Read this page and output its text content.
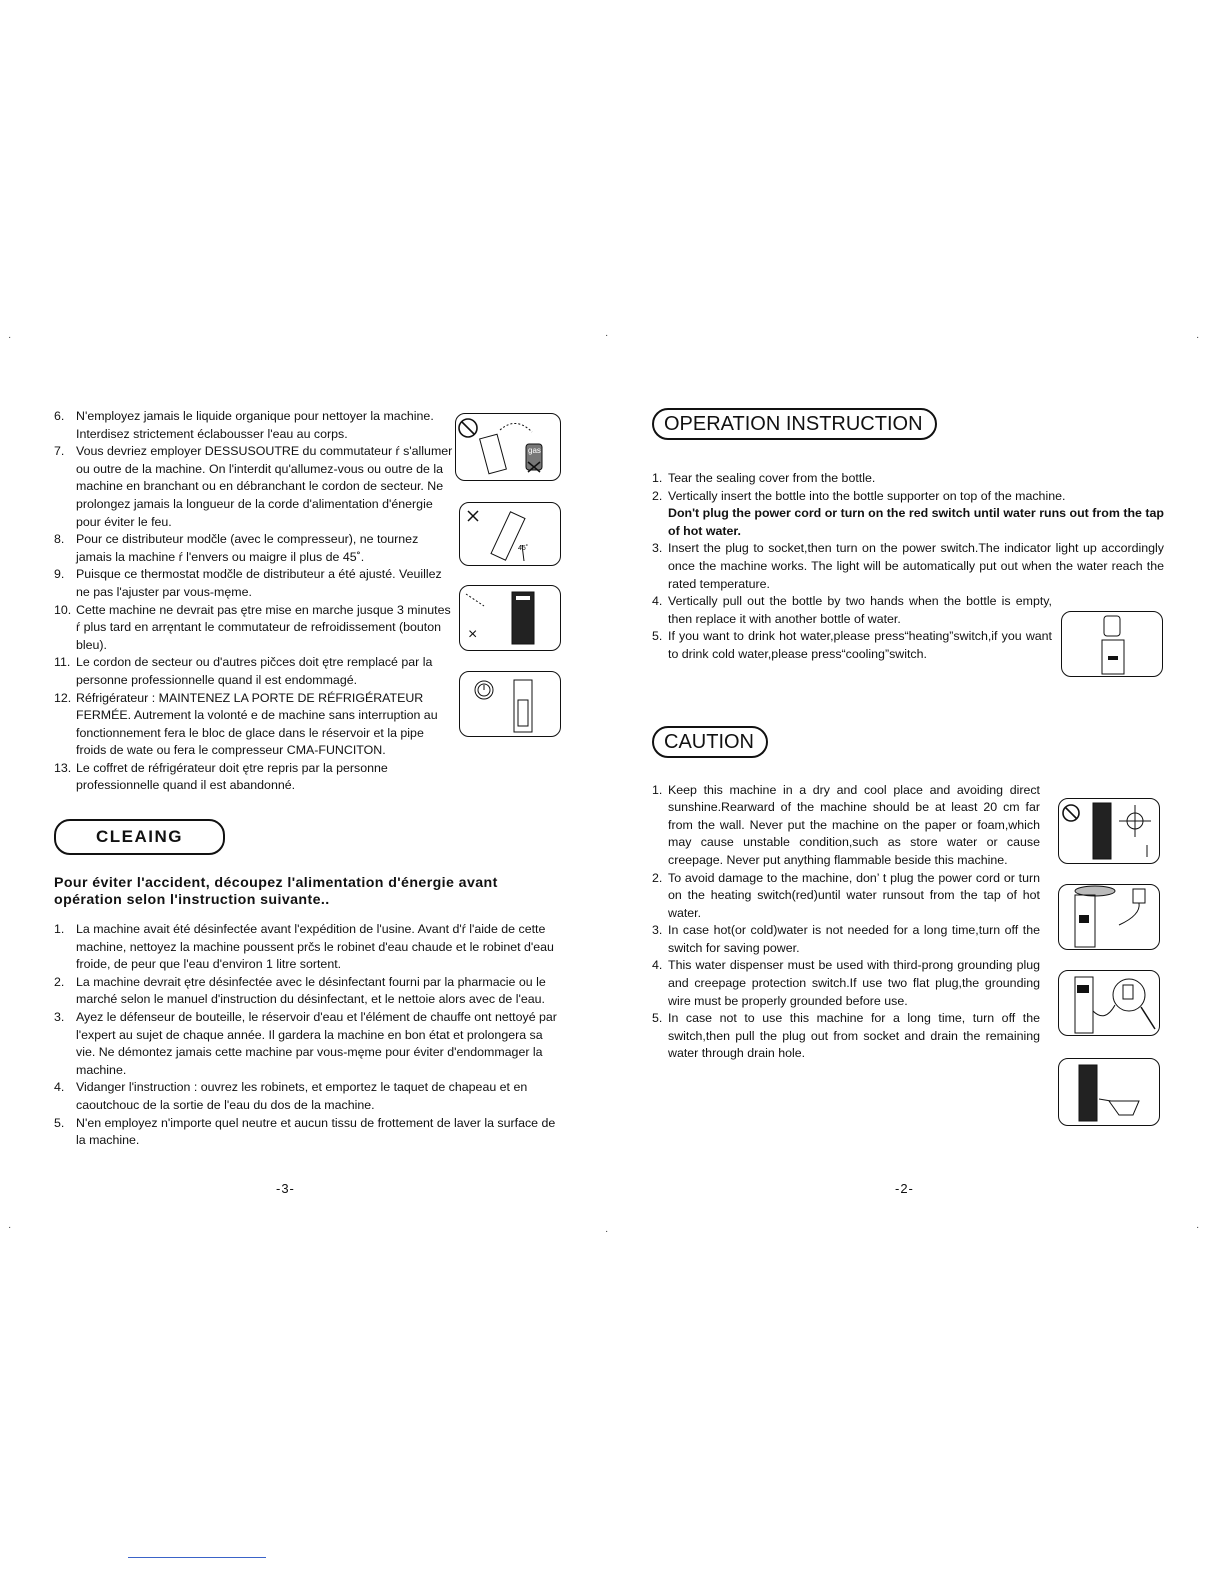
·	·	·
·	·	·
6. N'employez jamais le liquide organique pour nettoyer la machine. Interdisez strictement éclabousser l'eau au corps.
7. Vous devriez employer DESSUSOUTRE du commutateur ŕ s'allumer ou outre de la machine. On l'interdit qu'allumez-vous ou outre de la machine en branchant ou en débranchant le cordon de secteur. Ne prolongez jamais la longueur de la corde d'alimentation d'énergie pour éviter le feu.
8. Pour ce distributeur modčle (avec le compresseur), ne tournez jamais la machine ŕ l'envers ou maigre il plus de 45˚.
9. Puisque ce thermostat modčle de distributeur a été ajusté. Veuillez ne pas l'ajuster par vous-męme.
10. Cette machine ne devrait pas ętre mise en marche jusque 3 minutes ŕ plus tard en arręntant le commutateur de refroidissement (bouton bleu).
11. Le cordon de secteur ou d'autres pičces doit ętre remplacé par la personne professionnelle quand il est endommagé.
12. Réfrigérateur : MAINTENEZ LA PORTE DE RÉFRIGÉRATEUR FERMÉE. Autrement la volonté e de machine sans interruption au fonctionnement fera le bloc de glace dans le réservoir et la pipe froids de wate ou fera le compresseur CMA-FUNCITON.
13. Le coffret de réfrigérateur doit ętre repris par la personne professionnelle quand il est abandonné.
CLEAING
Pour éviter l'accident, découpez l'alimentation d'énergie avant opération selon l'instruction suivante..
1. La machine avait été désinfectée avant l'expédition de l'usine. Avant d'ŕ l'aide de cette machine, nettoyez la machine poussent prčs le robinet d'eau chaude et le robinet d'eau froide, de peur que l'eau d'environ 1 litre sortent.
2. La machine devrait ętre désinfectée avec le désinfectant fourni par la pharmacie ou le marché selon le manuel d'instruction du désinfectant, et le nettoie alors avec de l'eau.
3. Ayez le défenseur de bouteille, le réservoir d'eau et l'élément de chauffe ont nettoyé par l'expert au sujet de chaque année. Il gardera la machine en bon état et prolongera sa vie. Ne démontez jamais cette machine par vous-męme pour éviter d'endommager la machine.
4. Vidanger l'instruction : ouvrez les robinets, et emportez le taquet de chapeau et en caoutchouc de la sortie de l'eau du dos de la machine.
5. N'en employez n'importe quel neutre et aucun tissu de frottement de laver la surface de la machine.
gas
45˚
×
-3-
OPERATION INSTRUCTION
1. Tear the sealing cover from the bottle.
2. Vertically insert the bottle into the bottle supporter on top of the machine.
Don't plug the power cord or turn on the red switch until water runs out from the tap of hot water.
3. Insert the plug to socket,then turn on the power switch.The indicator light up accordingly once the machine works. The light will be automatically put out when the water reach the rated temperature.
4. Vertically pull out the bottle by two hands when the bottle is empty, then replace it with another bottle of water.
5. If you want to drink hot water,please press“heating”switch,if you want to drink cold water,please press“cooling”switch.
CAUTION
1. Keep this machine in a dry and cool place and avoiding direct sunshine.Rearward of the machine should be at least 20 cm far from the wall. Never put the machine on the paper or foam,which may cause unstable condition,such as store water or cause creepage. Never put anything flammable beside this machine.
2. To avoid damage to the machine, don’ t plug the power cord or turn on the heating switch(red)until water runsout from the tap of hot water.
3. In case hot(or cold)water is not needed for a long time,turn off the switch for saving power.
4. This water dispenser must be used with third-prong grounding plug and creepage protection switch.If use two flat plug,the grounding wire must be properly grounded before use.
5. In case not to use this machine for a long time, turn off the switch,then pull the plug out from socket and drain the remaining water through drain hole.
-2-
